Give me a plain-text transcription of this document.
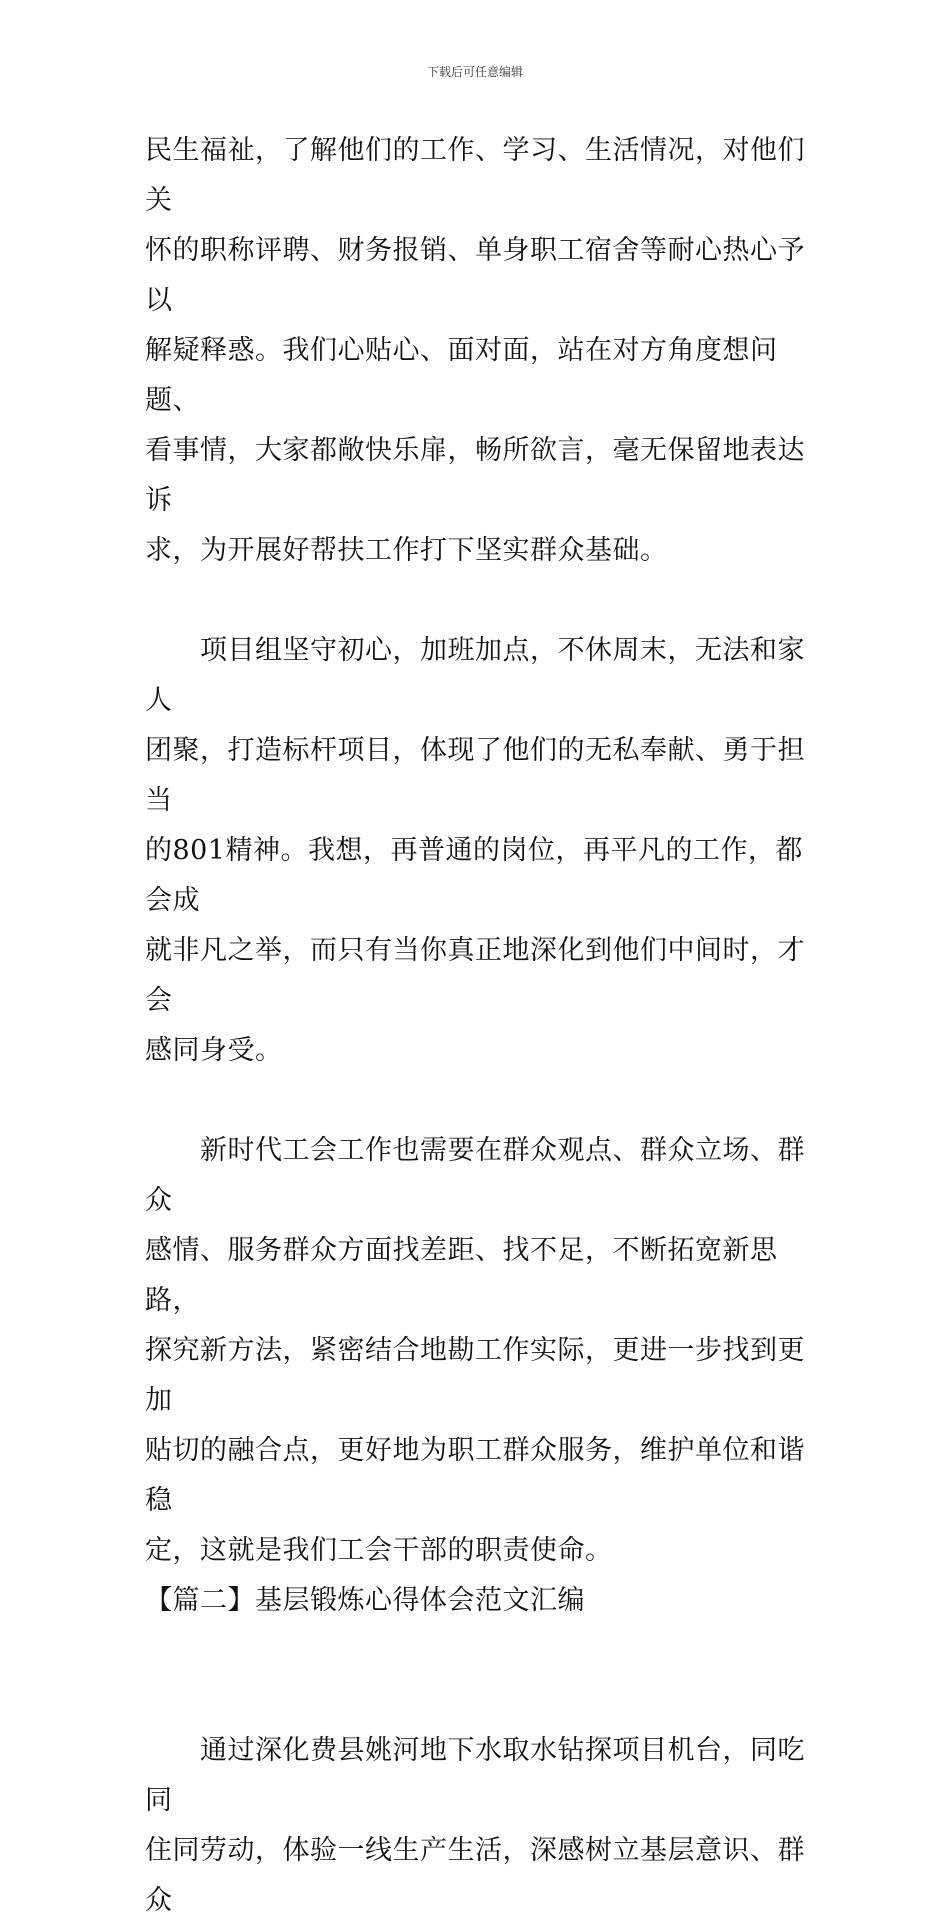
下载后可任意编辑

民生福祉，了解他们的工作、学习、生活情况，对他们关
怀的职称评聘、财务报销、单身职工宿舍等耐心热心予以
解疑释惑。我们心贴心、面对面，站在对方角度想问题、
看事情，大家都敞快乐扉，畅所欲言，毫无保留地表达诉
求，为开展好帮扶工作打下坚实群众基础。

　　项目组坚守初心，加班加点，不休周末，无法和家人
团聚，打造标杆项目，体现了他们的无私奉献、勇于担当
的801精神。我想，再普通的岗位，再平凡的工作，都会成
就非凡之举，而只有当你真正地深化到他们中间时，才会
感同身受。

　　新时代工会工作也需要在群众观点、群众立场、群众
感情、服务群众方面找差距、找不足，不断拓宽新思路，
探究新方法，紧密结合地勘工作实际，更进一步找到更加
贴切的融合点，更好地为职工群众服务，维护单位和谐稳
定，这就是我们工会干部的职责使命。

【篇二】基层锻炼心得体会范文汇编

　　通过深化费县姚河地下水取水钻探项目机台，同吃同
住同劳动，体验一线生产生活，深感树立基层意识、群众
